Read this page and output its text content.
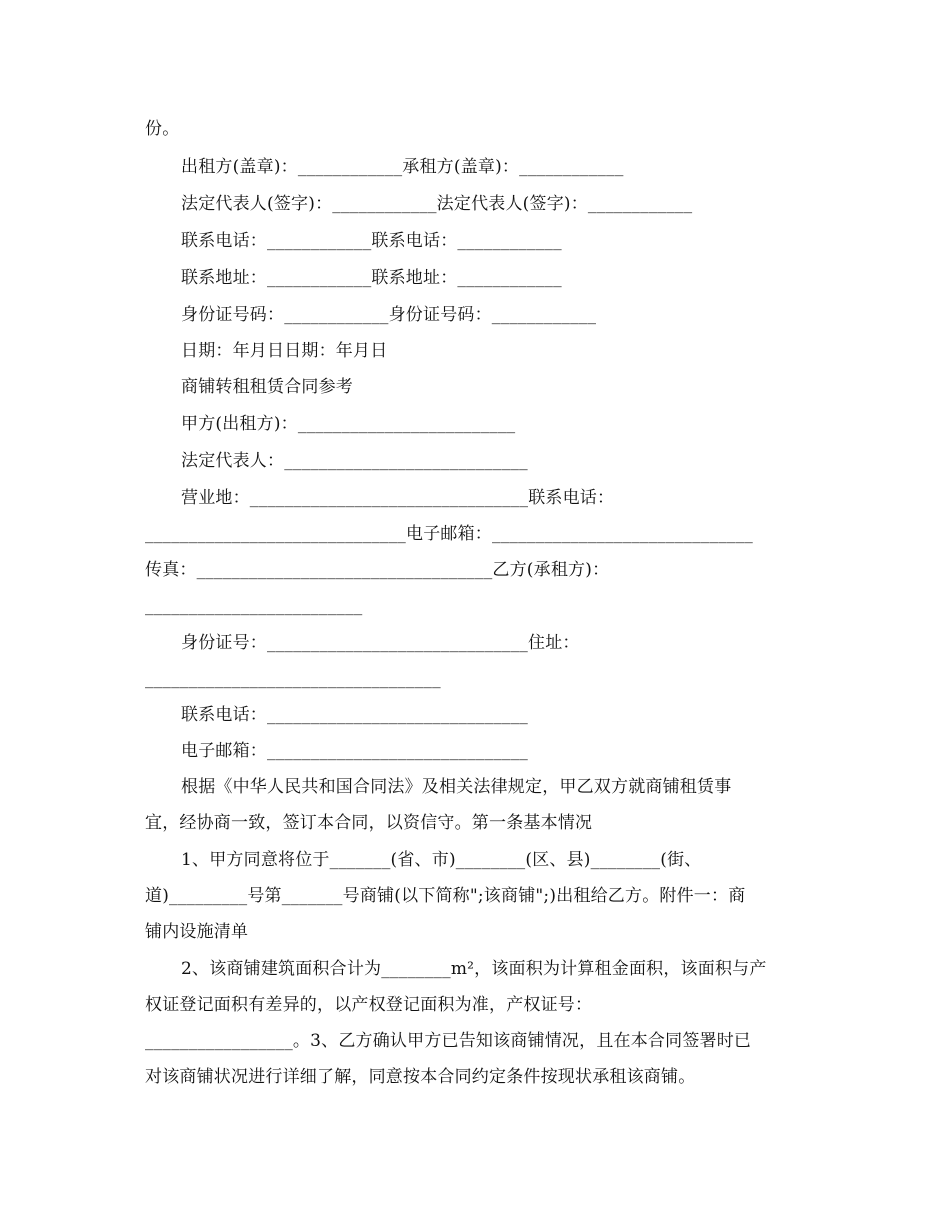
份。
出租方(盖章)：____________承租方(盖章)：____________
法定代表人(签字)：____________法定代表人(签字)：____________
联系电话：____________联系电话：____________
联系地址：____________联系地址：____________
身份证号码：____________身份证号码：____________
日期：年月日日期：年月日
商铺转租租赁合同参考
甲方(出租方)：_________________________
法定代表人：____________________________
营业地：________________________________联系电话：
______________________________电子邮箱：______________________________
传真：__________________________________乙方(承租方)：
_________________________
身份证号：______________________________住址：
__________________________________
联系电话：______________________________
电子邮箱：______________________________
根据《中华人民共和国合同法》及相关法律规定，甲乙双方就商铺租赁事
宜，经协商一致，签订本合同，以资信守。第一条基本情况
1、甲方同意将位于_______(省、市)________(区、县)________(街、
道)_________号第_______号商铺(以下简称";该商铺";)出租给乙方。附件一：商
铺内设施清单
2、该商铺建筑面积合计为________m²，该面积为计算租金面积，该面积与产
权证登记面积有差异的，以产权登记面积为准，产权证号：
_________________。3、乙方确认甲方已告知该商铺情况，且在本合同签署时已
对该商铺状况进行详细了解，同意按本合同约定条件按现状承租该商铺。
